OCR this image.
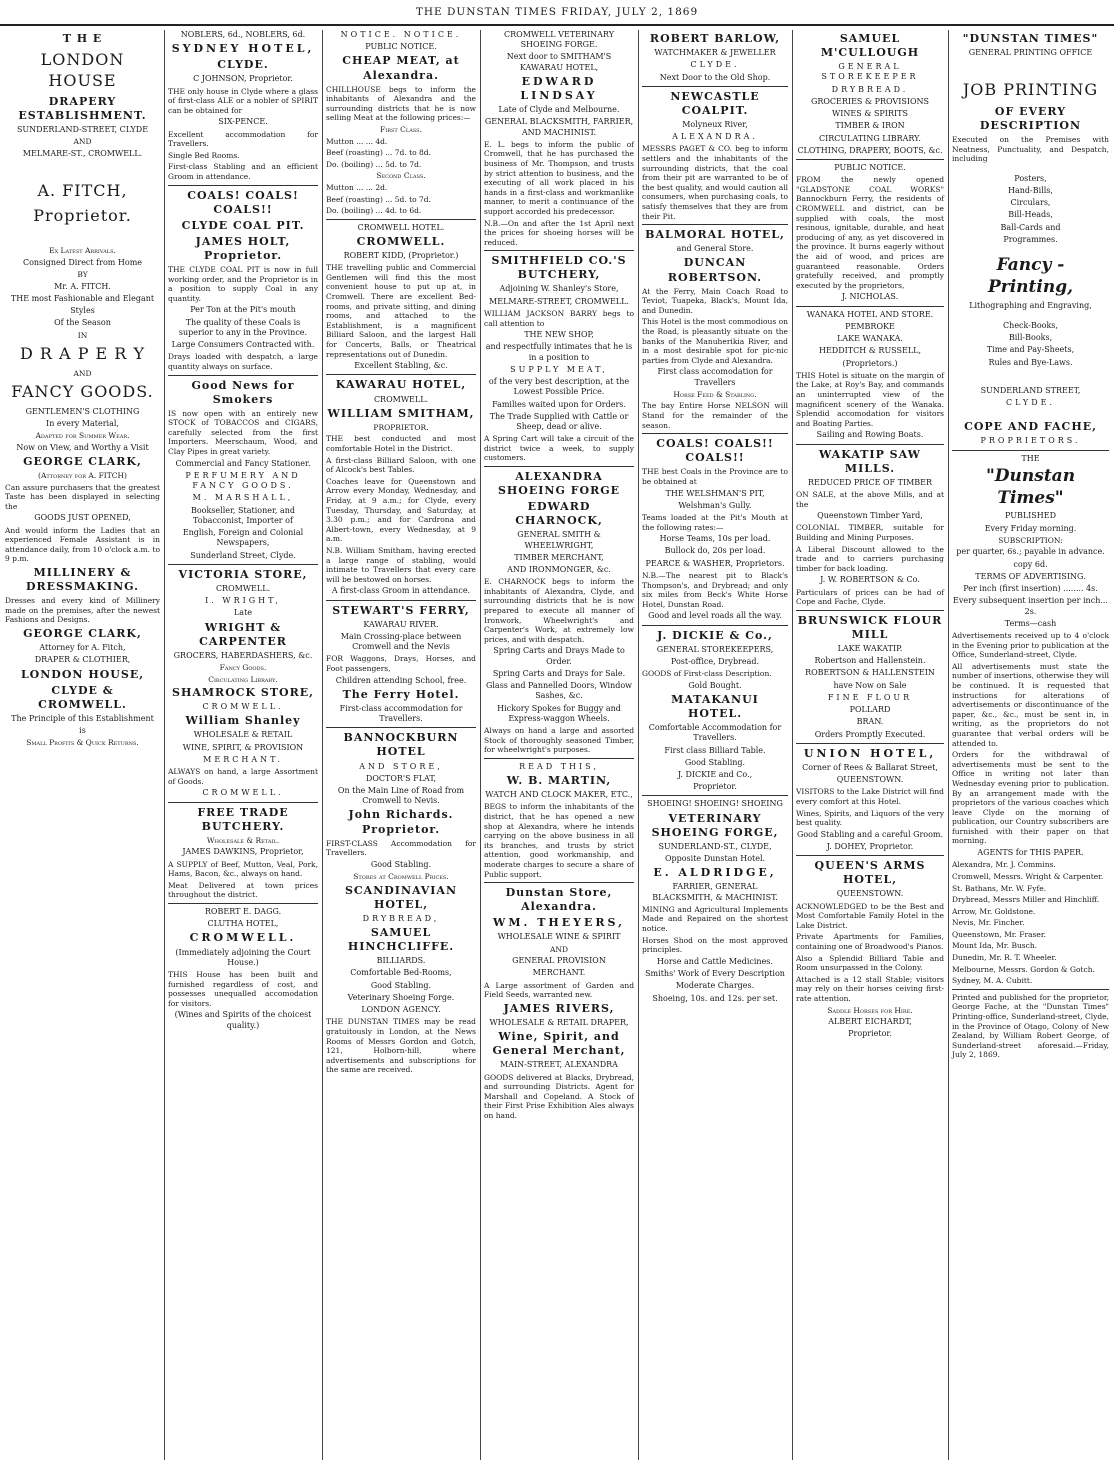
THE DUNSTAN TIMES FRIDAY, JULY 2, 1869
T H E
LONDON HOUSE
DRAPERY ESTABLISHMENT.
SUNDERLAND-STREET, CLYDE
AND
MELMARE-ST., CROMWELL.
A. FITCH,
Proprietor.
Ex Latest Arrivals.
Consigned Direct from Home
BY
Mr. A. FITCH.
THE most Fashionable and Elegant
Styles
Of the Season
IN
D R A P E R Y
AND
FANCY GOODS.
GENTLEMEN'S CLOTHING
In every Material,
Adapted for Summer Wear.
Now on View, and Worthy a Visit
GEORGE CLARK,
(Attorney for A. FITCH)
Can assure purchasers that the greatest Taste has been displayed in selecting the
GOODS JUST OPENED,
And would inform the Ladies that an experienced Female Assistant is in attendance daily, from 10 o'clock a.m. to 9 p.m.
MILLINERY & DRESSMAKING.
Dresses and every kind of Millinery made on the premises, after the newest Fashions and Designs.
GEORGE CLARK,
Attorney for A. Fitch,
DRAPER & CLOTHIER,
LONDON HOUSE,
CLYDE & CROMWELL.
The Principle of this Establishment
is
Small Profits & Quick Returns.
NOBLERS, 6d., NOBLERS, 6d.
SYDNEY HOTEL,
CLYDE.
C JOHNSON, Proprietor.
THE only house in Clyde where a glass of first-class ALE or a nobler of SPIRIT can be obtained for
SIX-PENCE.
Excellent accommodation for Travellers.
Single Bed Rooms.
First-class Stabling and an efficient Groom in attendance.
COALS! COALS! COALS!!
CLYDE COAL PIT.
JAMES HOLT, Proprietor.
THE CLYDE COAL PIT is now in full working order, and the Proprietor is in a position to supply Coal in any quantity.
Per Ton at the Pit's mouth
The quality of these Coals is superior to any in the Province.
Large Consumers Contracted with.
Drays loaded with despatch, a large quantity always on surface.
Good News for Smokers
IS now open with an entirely new STOCK of TOBACCOS and CIGARS, carefully selected from the first Importers. Meerschaum, Wood, and Clay Pipes in great variety.
Commercial and Fancy Stationer.
PERFUMERY AND FANCY GOODS.
M. MARSHALL,
Bookseller, Stationer, and Tobacconist, Importer of
English, Foreign and Colonial Newspapers,
Sunderland Street, Clyde.
VICTORIA STORE,
CROMWELL.
I. WRIGHT,
Late
WRIGHT & CARPENTER
GROCERS, HABERDASHERS, &c.
Fancy Goods.
Circulating Library.
SHAMROCK STORE,
CROMWELL.
William Shanley
WHOLESALE & RETAIL
WINE, SPIRIT, & PROVISION
MERCHANT.
ALWAYS on hand, a large Assortment of Goods.
CROMWELL.
FREE TRADE BUTCHERY.
Wholesale & Retail.
JAMES DAWKINS, Proprietor,
A SUPPLY of Beef, Mutton, Veal, Pork, Hams, Bacon, &c., always on hand.
Meat Delivered at town prices throughout the district.
ROBERT E. DAGG.
CLUTHA HOTEL,
CROMWELL.
(Immediately adjoining the Court House.)
THIS House has been built and furnished regardless of cost, and possesses unequalled accomodation for visitors.
(Wines and Spirits of the choicest quality.)
NOTICE. NOTICE.
PUBLIC NOTICE.
CHEAP MEAT, at Alexandra.
CHILLHOUSE begs to inform the inhabitants of Alexandra and the surrounding districts that he is now selling Meat at the following prices:—
First Class.
Mutton ... ... 4d.
Beef (roasting) ... 7d. to 8d.
Do. (boiling) ... 5d. to 7d.
Second Class.
Mutton ... ... 2d.
Beef (roasting) ... 5d. to 7d.
Do. (boiling) ... 4d. to 6d.
CROMWELL HOTEL.
CROMWELL.
ROBERT KIDD, (Proprietor.)
THE travelling public and Commercial Gentlemen will find this the most convenient house to put up at, in Cromwell. There are excellent Bed-rooms, and private sitting, and dining rooms, and attached to the Establishment, is a magnificent Billiard Saloon, and the largest Hall for Concerts, Balls, or Theatrical representations out of Dunedin.
Excellent Stabling, &c.
KAWARAU HOTEL,
CROMWELL.
WILLIAM SMITHAM,
PROPRIETOR.
THE best conducted and most comfortable Hotel in the District.
A first-class Billiard Saloon, with one of Alcock's best Tables.
Coaches leave for Queenstown and Arrow every Monday, Wednesday, and Friday, at 9 a.m.; for Clyde, every Tuesday, Thursday, and Saturday, at 3.30 p.m.; and for Cardrona and Albert-town, every Wednesday, at 9 a.m.
N.B. William Smitham, having erected a large range of stabling, would intimate to Travellers that every care will be bestowed on horses.
A first-class Groom in attendance.
STEWART'S FERRY,
KAWARAU RIVER.
Main Crossing-place between Cromwell and the Nevis
FOR Waggons, Drays, Horses, and Foot passengers,
Children attending School, free.
The Ferry Hotel.
First-class accommodation for Travellers.
BANNOCKBURN HOTEL
AND STORE,
DOCTOR'S FLAT,
On the Main Line of Road from Cromwell to Nevis.
John Richards. Proprietor.
FIRST-CLASS Accommodation for Travellers.
Good Stabling.
Stores at Cromwell Prices.
SCANDINAVIAN HOTEL,
DRYBREAD,
SAMUEL HINCHCLIFFE.
BILLIARDS.
Comfortable Bed-Rooms,
Good Stabling.
Veterinary Shoeing Forge.
LONDON AGENCY.
THE DUNSTAN TIMES may be read gratuitously in London, at the News Rooms of Messrs Gordon and Gotch, 121, Holborn-hill, where advertisements and subscriptions for the same are received.
CROMWELL VETERINARY SHOEING FORGE.
Next door to SMITHAM'S KAWARAU HOTEL,
EDWARD LINDSAY
Late of Clyde and Melbourne.
GENERAL BLACKSMITH, FARRIER, AND MACHINIST.
E. L. begs to inform the public of Cromwell, that he has purchased the business of Mr. Thompson, and trusts by strict attention to business, and the executing of all work placed in his hands in a first-class and workmanlike manner, to merit a continuance of the support accorded his predecessor.
N.B.—On and after the 1st April next the prices for shoeing horses will be reduced.
SMITHFIELD CO.'S BUTCHERY,
Adjoining W. Shanley's Store,
MELMARE-STREET, CROMWELL.
WILLIAM JACKSON BARRY begs to call attention to
THE NEW SHOP,
and respectfully intimates that he is in a position to
SUPPLY MEAT,
of the very best description, at the Lowest Possible Price.
Families waited upon for Orders.
The Trade Supplied with Cattle or Sheep, dead or alive.
A Spring Cart will take a circuit of the district twice a week, to supply customers.
ALEXANDRA SHOEING FORGE
EDWARD CHARNOCK,
GENERAL SMITH & WHEELWRIGHT,
TIMBER MERCHANT,
AND IRONMONGER, &c.
E. CHARNOCK begs to inform the inhabitants of Alexandra, Clyde, and surrounding districts that he is now prepared to execute all manner of Ironwork, Wheelwright's and Carpenter's Work, at extremely low prices, and with despatch.
Spring Carts and Drays Made to Order.
Spring Carts and Drays for Sale.
Glass and Pannelled Doors, Window Sashes, &c.
Hickory Spokes for Buggy and Express-waggon Wheels.
Always on hand a large and assorted Stock of thoroughly seasoned Timber, for wheelwright's purposes.
READ THIS,
W. B. MARTIN,
WATCH AND CLOCK MAKER, ETC.,
BEGS to inform the inhabitants of the district, that he has opened a new shop at Alexandra, where he intends carrying on the above business in all its branches, and trusts by strict attention, good workmanship, and moderate charges to secure a share of Public support.
Dunstan Store, Alexandra.
WM. THEYERS,
WHOLESALE WINE & SPIRIT
AND
GENERAL PROVISION
MERCHANT.
A Large assortment of Garden and Field Seeds, warranted new.
JAMES RIVERS,
WHOLESALE & RETAIL DRAPER,
Wine, Spirit, and General Merchant,
MAIN-STREET, ALEXANDRA
GOODS delivered at Blacks, Drybread, and surrounding Districts. Agent for Marshall and Copeland. A Stock of their First Prise Exhibition Ales always on hand.
ROBERT BARLOW,
WATCHMAKER & JEWELLER
CLYDE.
Next Door to the Old Shop.
NEWCASTLE COALPIT.
Molyneux River,
ALEXANDRA.
MESSRS PAGET & CO. beg to inform settlers and the inhabitants of the surrounding districts, that the coal from their pit are warranted to be of the best quality, and would caution all consumers, when purchasing coals, to satisfy themselves that they are from their Pit.
BALMORAL HOTEL,
and General Store.
DUNCAN ROBERTSON.
At the Ferry, Main Coach Road to Teviot, Tuapeka, Black's, Mount Ida, and Dunedin.
This Hotel is the most commodious on the Road, is pleasantly situate on the banks of the Manuherikia River, and in a most desirable spot for pic-nic parties from Clyde and Alexandra.
First class accomodation for Travellers
Horse Feed & Stabling.
The bay Entire Horse NELSON will Stand for the remainder of the season.
COALS! COALS!! COALS!!
THE best Coals in the Province are to be obtained at
THE WELSHMAN'S PIT,
Welshman's Gully.
Teams loaded at the Pit's Mouth at the following rates:—
Horse Teams, 10s per load.
Bullock do, 20s per load.
PEARCE & WASHER, Proprietors.
N.B.—The nearest pit to Black's Thompson's, and Drybread; and only six miles from Beck's White Horse Hotel, Dunstan Road.
Good and level roads all the way.
J. DICKIE & Co.,
GENERAL STOREKEEPERS,
Post-office, Drybread.
GOODS of First-class Description.
Gold Bought.
MATAKANUI HOTEL.
Comfortable Accommodation for Travellers.
First class Billiard Table.
Good Stabling.
J. DICKIE and Co.,
Proprietor.
SHOEING! SHOEING! SHOEING
VETERINARY SHOEING FORGE,
SUNDERLAND-ST., CLYDE,
Opposite Dunstan Hotel.
E. ALDRIDGE,
FARRIER, GENERAL BLACKSMITH, & MACHINIST.
MINING and Agricultural Implements Made and Repaired on the shortest notice.
Horses Shod on the most approved principles.
Horse and Cattle Medicines.
Smiths' Work of Every Description
Moderate Charges.
Shoeing, 10s. and 12s. per set.
SAMUEL M'CULLOUGH
GENERAL STOREKEEPER
DRYBREAD.
GROCERIES & PROVISIONS
WINES & SPIRITS
TIMBER & IRON
CIRCULATING LIBRARY.
CLOTHING, DRAPERY, BOOTS, &c.
PUBLIC NOTICE.
FROM the newly opened "GLADSTONE COAL WORKS" Bannockburn Ferry, the residents of CROMWELL and district, can be supplied with coals, the most resinous, ignitable, durable, and heat producing of any, as yet discovered in the province. It burns eagerly without the aid of wood, and prices are guaranteed reasonable. Orders gratefully received, and promptly executed by the proprietors,
J. NICHOLAS.
WANAKA HOTEL AND STORE.
PEMBROKE
LAKE WANAKA.
HEDDITCH & RUSSELL,
(Proprietors.)
THIS Hotel is situate on the margin of the Lake, at Roy's Bay, and commands an uninterrupted view of the magnificent scenery of the Wanaka. Splendid accomodation for visitors and Boating Parties.
Sailing and Rowing Boats.
WAKATIP SAW MILLS.
REDUCED PRICE OF TIMBER
ON SALE, at the above Mills, and at the
Queenstown Timber Yard,
COLONIAL TIMBER, suitable for Building and Mining Purposes.
A Liberal Discount allowed to the trade and to carriers purchasing timber for back loading.
J. W. ROBERTSON & Co.
Particulars of prices can be had of Cope and Fache, Clyde.
BRUNSWICK FLOUR MILL
LAKE WAKATIP.
Robertson and Hallenstein.
ROBERTSON & HALLENSTEIN
have Now on Sale
FINE FLOUR
POLLARD
BRAN.
Orders Promptly Executed.
UNION HOTEL,
Corner of Rees & Ballarat Street,
QUEENSTOWN.
VISITORS to the Lake District will find every comfort at this Hotel.
Wines, Spirits, and Liquors of the very best quality.
Good Stabling and a careful Groom.
J. DOHEY, Proprietor.
QUEEN'S ARMS HOTEL,
QUEENSTOWN.
ACKNOWLEDGED to be the Best and Most Comfortable Family Hotel in the Lake District.
Private Apartments for Families, containing one of Broadwood's Pianos.
Also a Splendid Billiard Table and Room unsurpassed in the Colony.
Attached is a 12 stall Stable; visitors may rely on their horses ceiving first-rate attention.
Saddle Horses for Hire.
ALBERT EICHARDT,
Proprietor.
"DUNSTAN TIMES"
GENERAL PRINTING OFFICE
JOB PRINTING
OF EVERY DESCRIPTION
Executed on the Premises with Neatness, Punctuality, and Despatch, including
Posters,
Hand-Bills,
Circulars,
Bill-Heads,
Ball-Cards and
Programmes.
Fancy - Printing,
Lithographing and Engraving,
Check-Books,
Bill-Books,
Time and Pay-Sheets,
Rules and Bye-Laws.
SUNDERLAND STREET,
CLYDE.
COPE AND FACHE,
PROPRIETORS.
THE
"Dunstan Times"
PUBLISHED
Every Friday morning.
SUBSCRIPTION:
per quarter, 6s.; payable in advance.
copy 6d.
TERMS OF ADVERTISING.
Per inch (first insertion) ........ 4s.
Every subsequent insertion per inch... 2s.
Terms—cash
Advertisements received up to 4 o'clock in the Evening prior to publication at the Office, Sunderland-street, Clyde.
All advertisements must state the number of insertions, otherwise they will be continued. It is requested that instructions for alterations of advertisements or discontinuance of the paper, &c., &c., must be sent in, in writing, as the proprietors do not guarantee that verbal orders will be attended to.
Orders for the withdrawal of advertisements must be sent to the Office in writing not later than Wednesday evening prior to publication. By an arrangement made with the proprietors of the various coaches which leave Clyde on the morning of publication, our Country subscribers are furnished with their paper on that morning.
AGENTS for THIS PAPER.
Alexandra, Mr. J. Commins.
Cromwell, Messrs. Wright & Carpenter.
St. Bathans, Mr. W. Fyfe.
Drybread, Messrs Miller and Hinchliff.
Arrow, Mr. Goldstone.
Nevis, Mr. Fincher.
Queenstown, Mr. Fraser.
Mount Ida, Mr. Busch.
Dunedin, Mr. R. T. Wheeler.
Melbourne, Messrs. Gordon & Gotch.
Sydney, M. A. Cubitt.
Printed and published for the proprietor, George Fache, at the "Dunstan Times" Printing-office, Sunderland-street, Clyde, in the Province of Otago, Colony of New Zealand, by William Robert George, of Sunderland-street aforesaid.—Friday, July 2, 1869.
